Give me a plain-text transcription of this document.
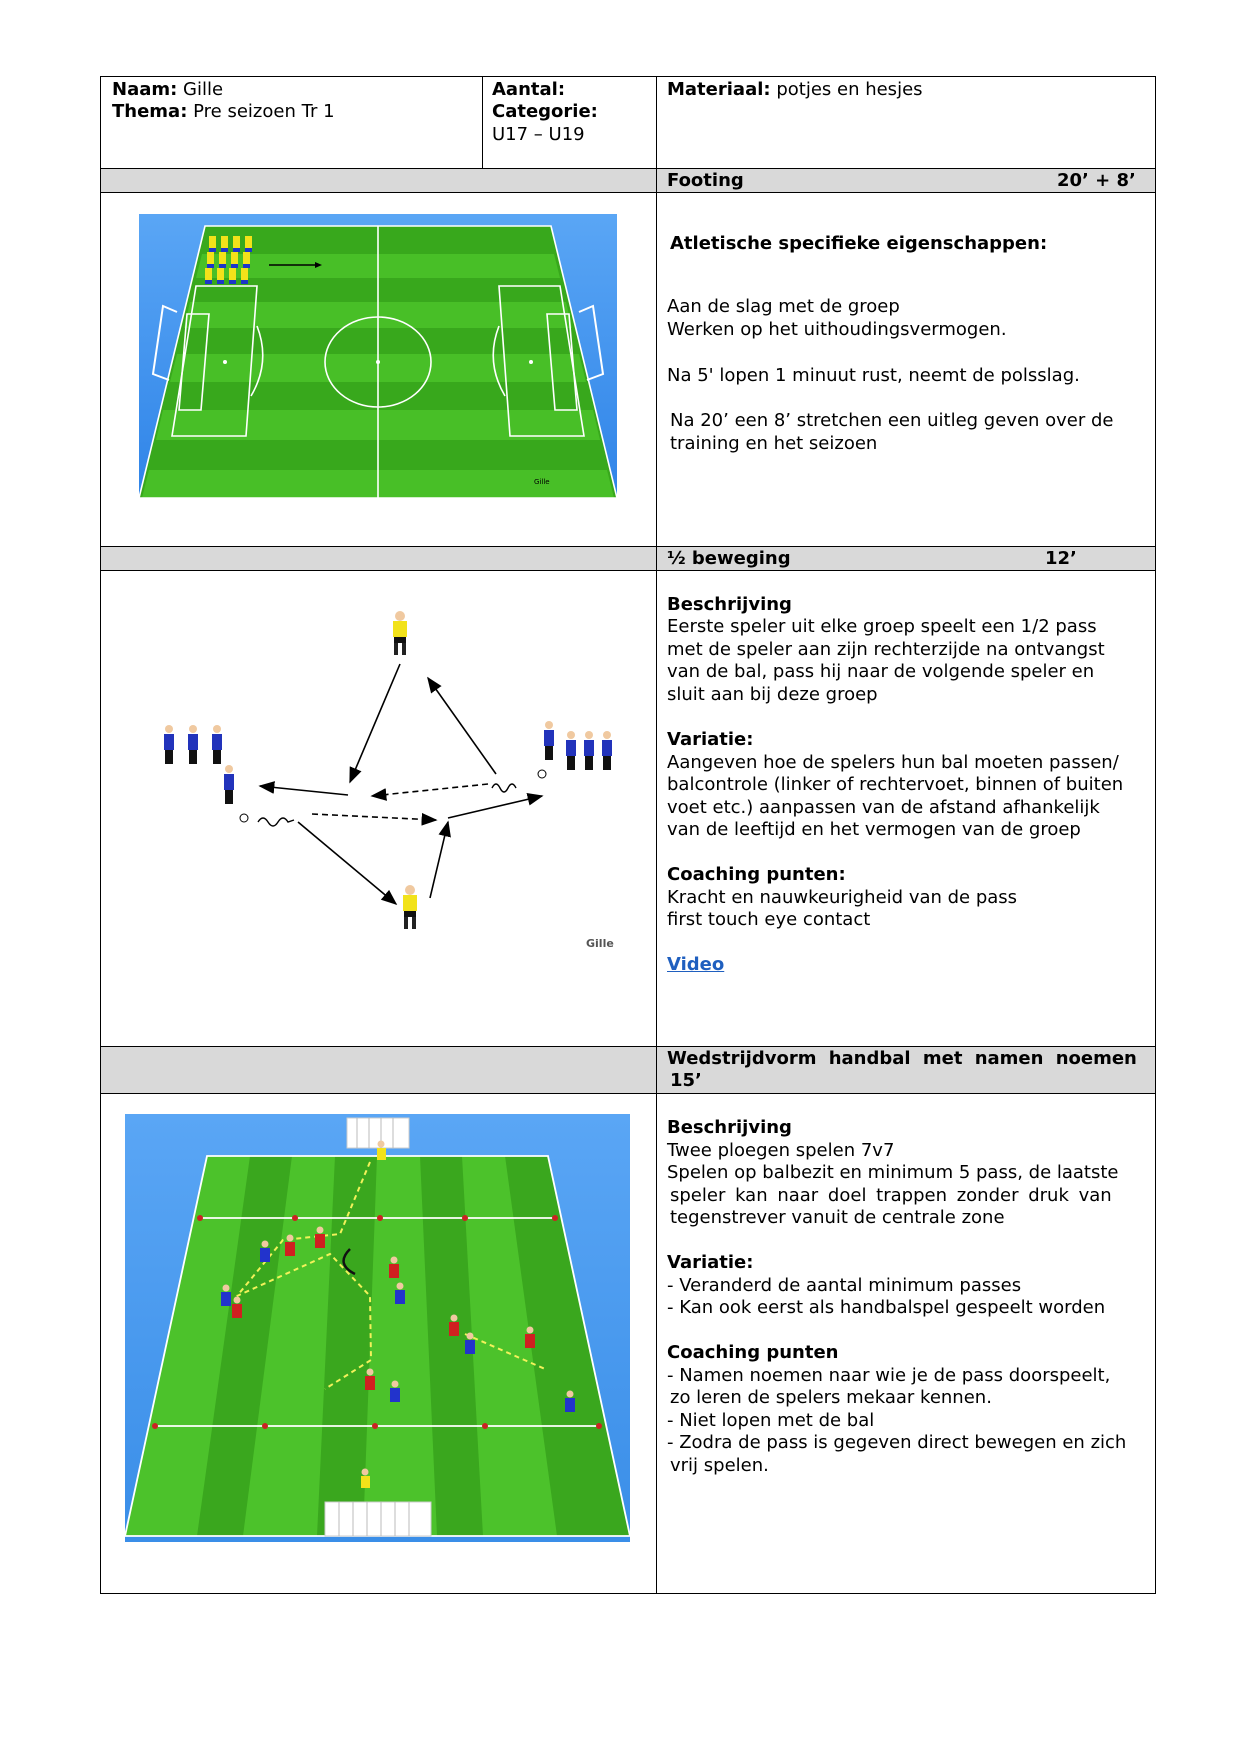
Naam: Gille
Thema: Pre seizoen Tr 1
Aantal:
Categorie:
U17 – U19
Materiaal: potjes en hesjes
Footing	20’ + 8’
Atletische specifieke eigenschappen:
Aan de slag met de groep
Werken op het uithoudingsvermogen.
Na 5' lopen 1 minuut rust, neemt de polsslag.
Na 20’ een 8’ stretchen een uitleg geven over de
training en het seizoen
Gille
½ beweging	12’
Beschrijving
Eerste speler uit elke groep speelt een 1/2 pass
met de speler aan zijn rechterzijde na ontvangst
van de bal, pass hij naar de volgende speler en
sluit aan bij deze groep
Variatie:
Aangeven hoe de spelers hun bal moeten passen/
balcontrole (linker of rechtervoet, binnen of buiten
voet etc.) aanpassen van de afstand afhankelijk
van de leeftijd en het vermogen van de groep
Coaching punten:
Kracht en nauwkeurigheid van de pass
first touch eye contact
Video
Gille
Wedstrijdvorm handbal met namen noemen
15’
Beschrijving
Twee ploegen spelen 7v7
Spelen op balbezit en minimum 5 pass, de laatste
speler kan naar doel trappen zonder druk van
tegenstrever vanuit de centrale zone
Variatie:
- Veranderd de aantal minimum passes
- Kan ook eerst als handbalspel gespeelt worden
Coaching punten
- Namen noemen naar wie je de pass doorspeelt,
zo leren de spelers mekaar kennen.
- Niet lopen met de bal
- Zodra de pass is gegeven direct bewegen en zich
vrij spelen.
